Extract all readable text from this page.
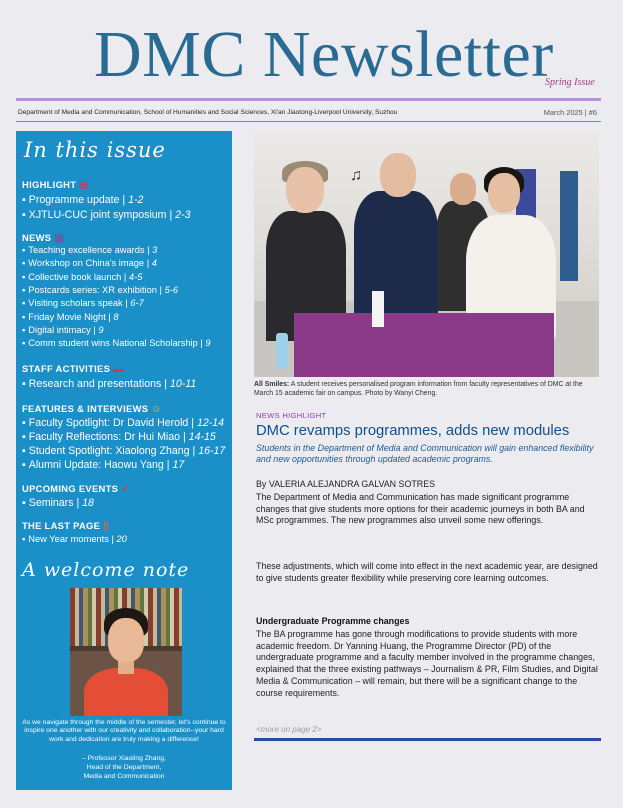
DMC Newsletter
Spring Issue
Department of Media and Communication, School of Humanities and Social Sciences, Xi'an Jiaotong-Liverpool University, Suzhou	March 2025 | #6
In this issue
HIGHLIGHT ◎
▪ Programme update | 1-2
▪ XJTLU-CUC joint symposium | 2-3
NEWS ▤
▪ Teaching excellence awards | 3
▪ Workshop on China's image | 4
▪ Collective book launch | 4-5
▪ Postcards series: XR exhibition | 5-6
▪ Visiting scholars speak | 6-7
▪ Friday Movie Night | 8
▪ Digital intimacy | 9
▪ Comm student wins National Scholarship | 9
STAFF ACTIVITIES ▬
▪ Research and presentations | 10-11
FEATURES & INTERVIEWS ☺
▪ Faculty Spotlight: Dr David Herold | 12-14
▪ Faculty Reflections: Dr Hui Miao | 14-15
▪ Student Spotlight: Xiaolong Zhang | 16-17
▪ Alumni Update: Haowu Yang | 17
UPCOMING EVENTS ✓
▪ Seminars | 18
THE LAST PAGE ▯
▪ New Year moments | 20
A welcome note
As we navigate through the middle of the semester, let's continue to inspire one another with our creativity and collaboration--your hard work and dedication are truly making a difference!
– Professor Xiaoling Zhang,
Head of the Department,
Media and Communication
♫
All Smiles: A student receives personalised program information from faculty representatives of DMC at the March 15 academic fair on campus. Photo by Wanyi Cheng.
NEWS HIGHLIGHT
DMC revamps programmes, adds new modules
Students in the Department of Media and Communication will gain enhanced flexibility and new opportunities through updated academic programs.
By VALERIA ALEJANDRA GALVAN SOTRES
The Department of Media and Communication has made significant programme changes that give students more options for their academic journeys in both BA and MSc programmes. The new programmes also unveil some new offerings.
These adjustments, which will come into effect in the next academic year, are designed to give students greater flexibility while preserving core learning outcomes.
Undergraduate Programme changes
The BA programme has gone through modifications to provide students with more academic freedom. Dr Yanning Huang, the Programme Director (PD) of the undergraduate programme and a faculty member involved in the programme changes, explained that the three existing pathways – Journalism & PR, Film Studies, and Digital Media & Communication – will remain, but there will be a significant change to the course requirements.
<more on page 2>
